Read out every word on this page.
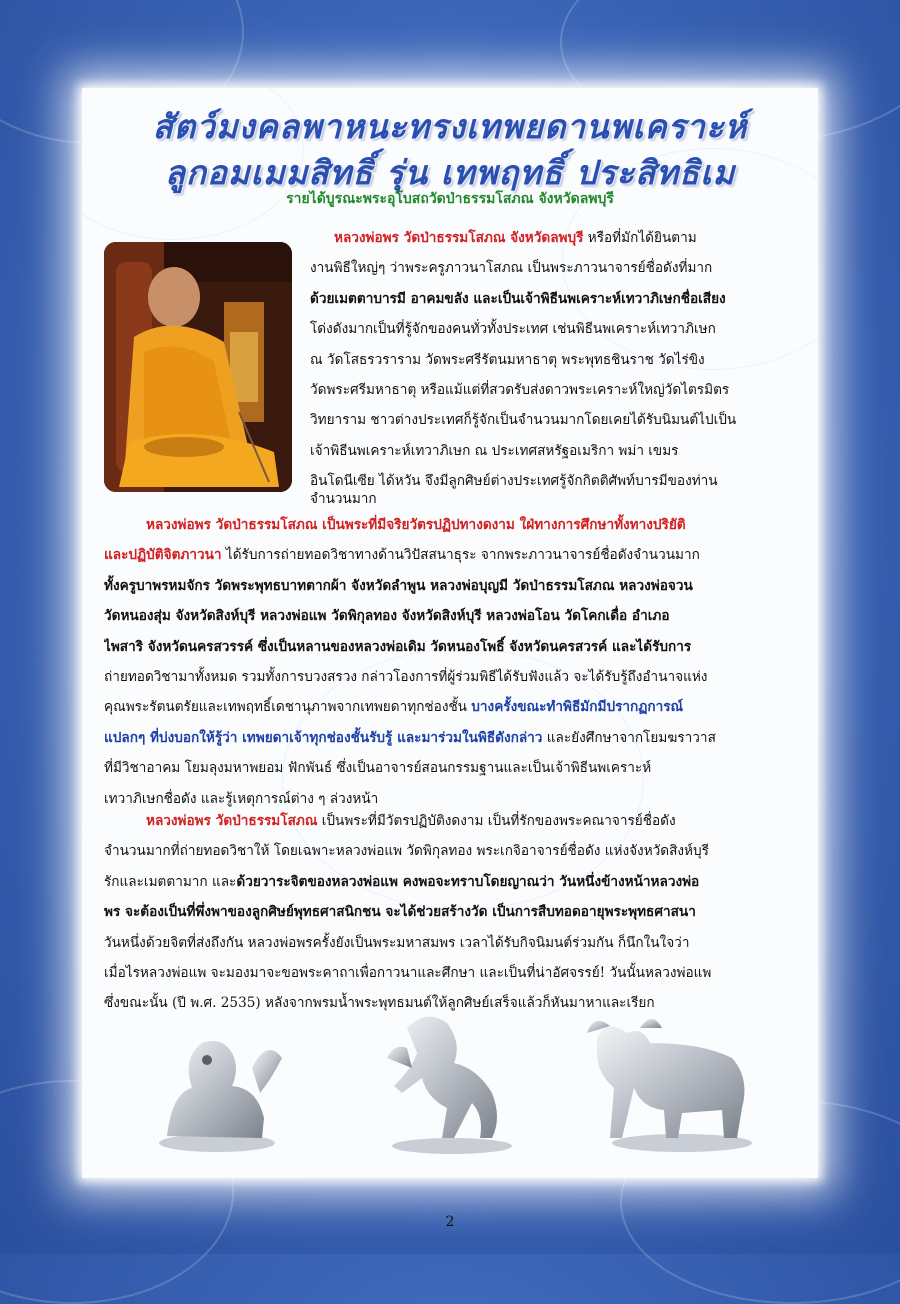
สัตว์มงคลพาหนะทรงเทพยดานพเคราะห์
ลูกอมเมมสิทธิ์ รุ่น เทพฤทธิ์ ประสิทธิเม
รายได้บูรณะพระอุโบสถวัดป่าธรรมโสภณ จังหวัดลพบุรี
หลวงพ่อพร วัดป่าธรรมโสภณ จังหวัดลพบุรี หรือที่มักได้ยินตาม
งานพิธีใหญ่ๆ ว่าพระครูภาวนาโสภณ เป็นพระภาวนาจารย์ชื่อดังที่มาก
ด้วยเมตตาบารมี อาคมขลัง และเป็นเจ้าพิธีนพเคราะห์เทวาภิเษกชื่อเสียง
โด่งดังมากเป็นที่รู้จักของคนทั่วทั้งประเทศ เช่นพิธีนพเคราะห์เทวาภิเษก
ณ วัดโสธรวราราม วัดพระศรีรัตนมหาธาตุ พระพุทธชินราช วัดไร่ขิง
วัดพระศรีมหาธาตุ หรือแม้แต่ที่สวดรับส่งดาวพระเคราะห์ใหญ่วัดไตรมิตร
วิทยาราม ชาวต่างประเทศก็รู้จักเป็นจำนวนมากโดยเคยได้รับนิมนต์ไปเป็น
เจ้าพิธีนพเคราะห์เทวาภิเษก ณ ประเทศสหรัฐอเมริกา พม่า เขมร
อินโดนีเซีย ได้หวัน จึงมีลูกศิษย์ต่างประเทศรู้จักกิตติศัพท์บารมีของท่าน
จำนวนมาก
หลวงพ่อพร วัดป่าธรรมโสภณ เป็นพระที่มีจริยวัตรปฏิปทางดงาม ใฝ่ทางการศึกษาทั้งทางปริยัติ
และปฏิบัติจิตภาวนา ได้รับการถ่ายทอดวิชาทางด้านวิปัสสนาธุระ จากพระภาวนาจารย์ชื่อดังจำนวนมาก
ทั้งครูบาพรหมจักร วัดพระพุทธบาทตากผ้า จังหวัดลำพูน หลวงพ่อบุญมี วัดป่าธรรมโสภณ หลวงพ่อจวน
วัดหนองสุ่ม จังหวัดสิงห์บุรี หลวงพ่อแพ วัดพิกุลทอง จังหวัดสิงห์บุรี หลวงพ่อโอน วัดโคกเดื่อ อำเภอ
ไพสาริ จังหวัดนครสวรรค์ ซึ่งเป็นหลานของหลวงพ่อเดิม วัดหนองโพธิ์ จังหวัดนครสวรค์ และได้รับการ
ถ่ายทอดวิชามาทั้งหมด รวมทั้งการบวงสรวง กล่าวโองการที่ผู้ร่วมพิธีได้รับฟังแล้ว จะได้รับรู้ถึงอำนาจแห่ง
คุณพระรัตนตรัยและเทพฤทธิ์เดชานุภาพจากเทพยดาทุกช่องชั้น บางครั้งขณะทำพิธีมักมีปรากฏการณ์
แปลกๆ ที่บ่งบอกให้รู้ว่า เทพยดาเจ้าทุกช่องชั้นรับรู้ และมาร่วมในพิธีดังกล่าว และยังศึกษาจากโยมฆราวาส
ที่มีวิชาอาคม โยมลุงมหาพยอม ฟักพันธ์ ซึ่งเป็นอาจารย์สอนกรรมฐานและเป็นเจ้าพิธีนพเคราะห์
เทวาภิเษกชื่อดัง และรู้เหตุการณ์ต่าง ๆ ล่วงหน้า
หลวงพ่อพร วัดป่าธรรมโสภณ เป็นพระที่มีวัตรปฏิบัติงดงาม เป็นที่รักของพระคณาจารย์ชื่อดัง
จำนวนมากที่ถ่ายทอดวิชาให้ โดยเฉพาะหลวงพ่อแพ วัดพิกุลทอง พระเกจิอาจารย์ชื่อดัง แห่งจังหวัดสิงห์บุรี
รักและเมตตามาก และด้วยวาระจิตของหลวงพ่อแพ คงพอจะทราบโดยญาณว่า วันหนึ่งข้างหน้าหลวงพ่อ
พร จะต้องเป็นที่พึ่งพาของลูกศิษย์พุทธศาสนิกชน จะได้ช่วยสร้างวัด เป็นการสืบทอดอายุพระพุทธศาสนา
วันหนึ่งด้วยจิตที่ส่งถึงกัน หลวงพ่อพรครั้งยังเป็นพระมหาสมพร เวลาได้รับกิจนิมนต์ร่วมกัน ก็นึกในใจว่า
เมื่อไรหลวงพ่อแพ จะมองมาจะขอพระคาถาเพื่อกาวนาและศึกษา และเป็นที่น่าอัศจรรย์! วันนั้นหลวงพ่อแพ
ซึ่งขณะนั้น (ปี พ.ศ. 2535) หลังจากพรมน้ำพระพุทธมนต์ให้ลูกศิษย์เสร็จแล้วก็หันมาหาและเรียก
2
